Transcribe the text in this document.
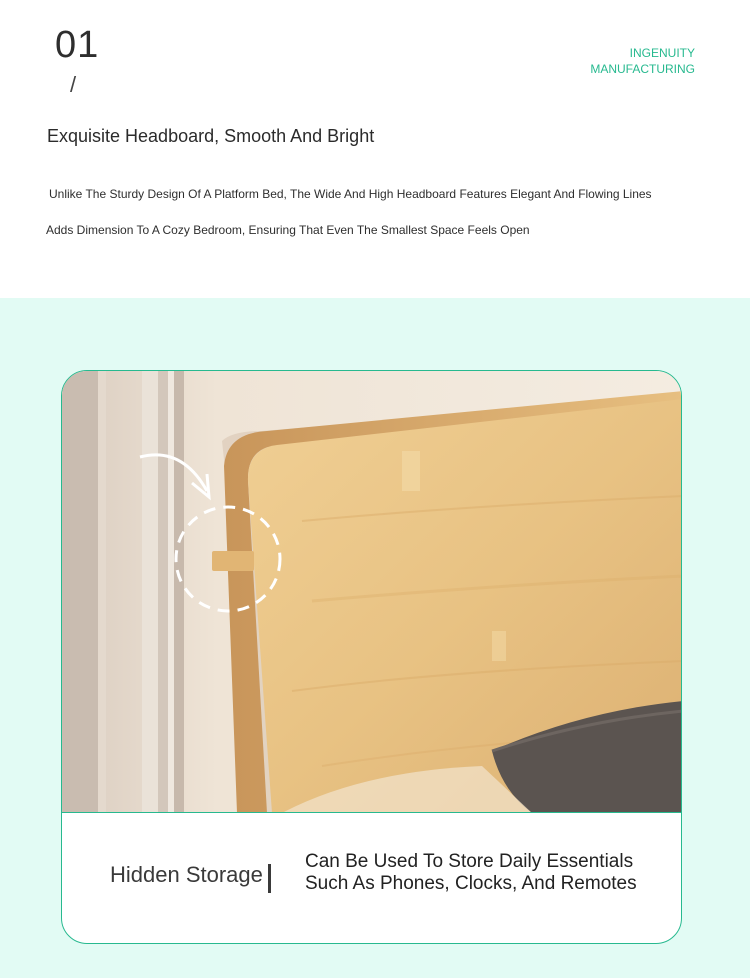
01
/
INGENUITY
MANUFACTURING
Exquisite Headboard, Smooth And Bright
Unlike The Sturdy Design Of A Platform Bed, The Wide And High Headboard Features Elegant And Flowing Lines
Adds Dimension To A Cozy Bedroom, Ensuring That Even The Smallest Space Feels Open
Hidden Storage
Can Be Used To Store Daily Essentials Such As Phones, Clocks, And Remotes
